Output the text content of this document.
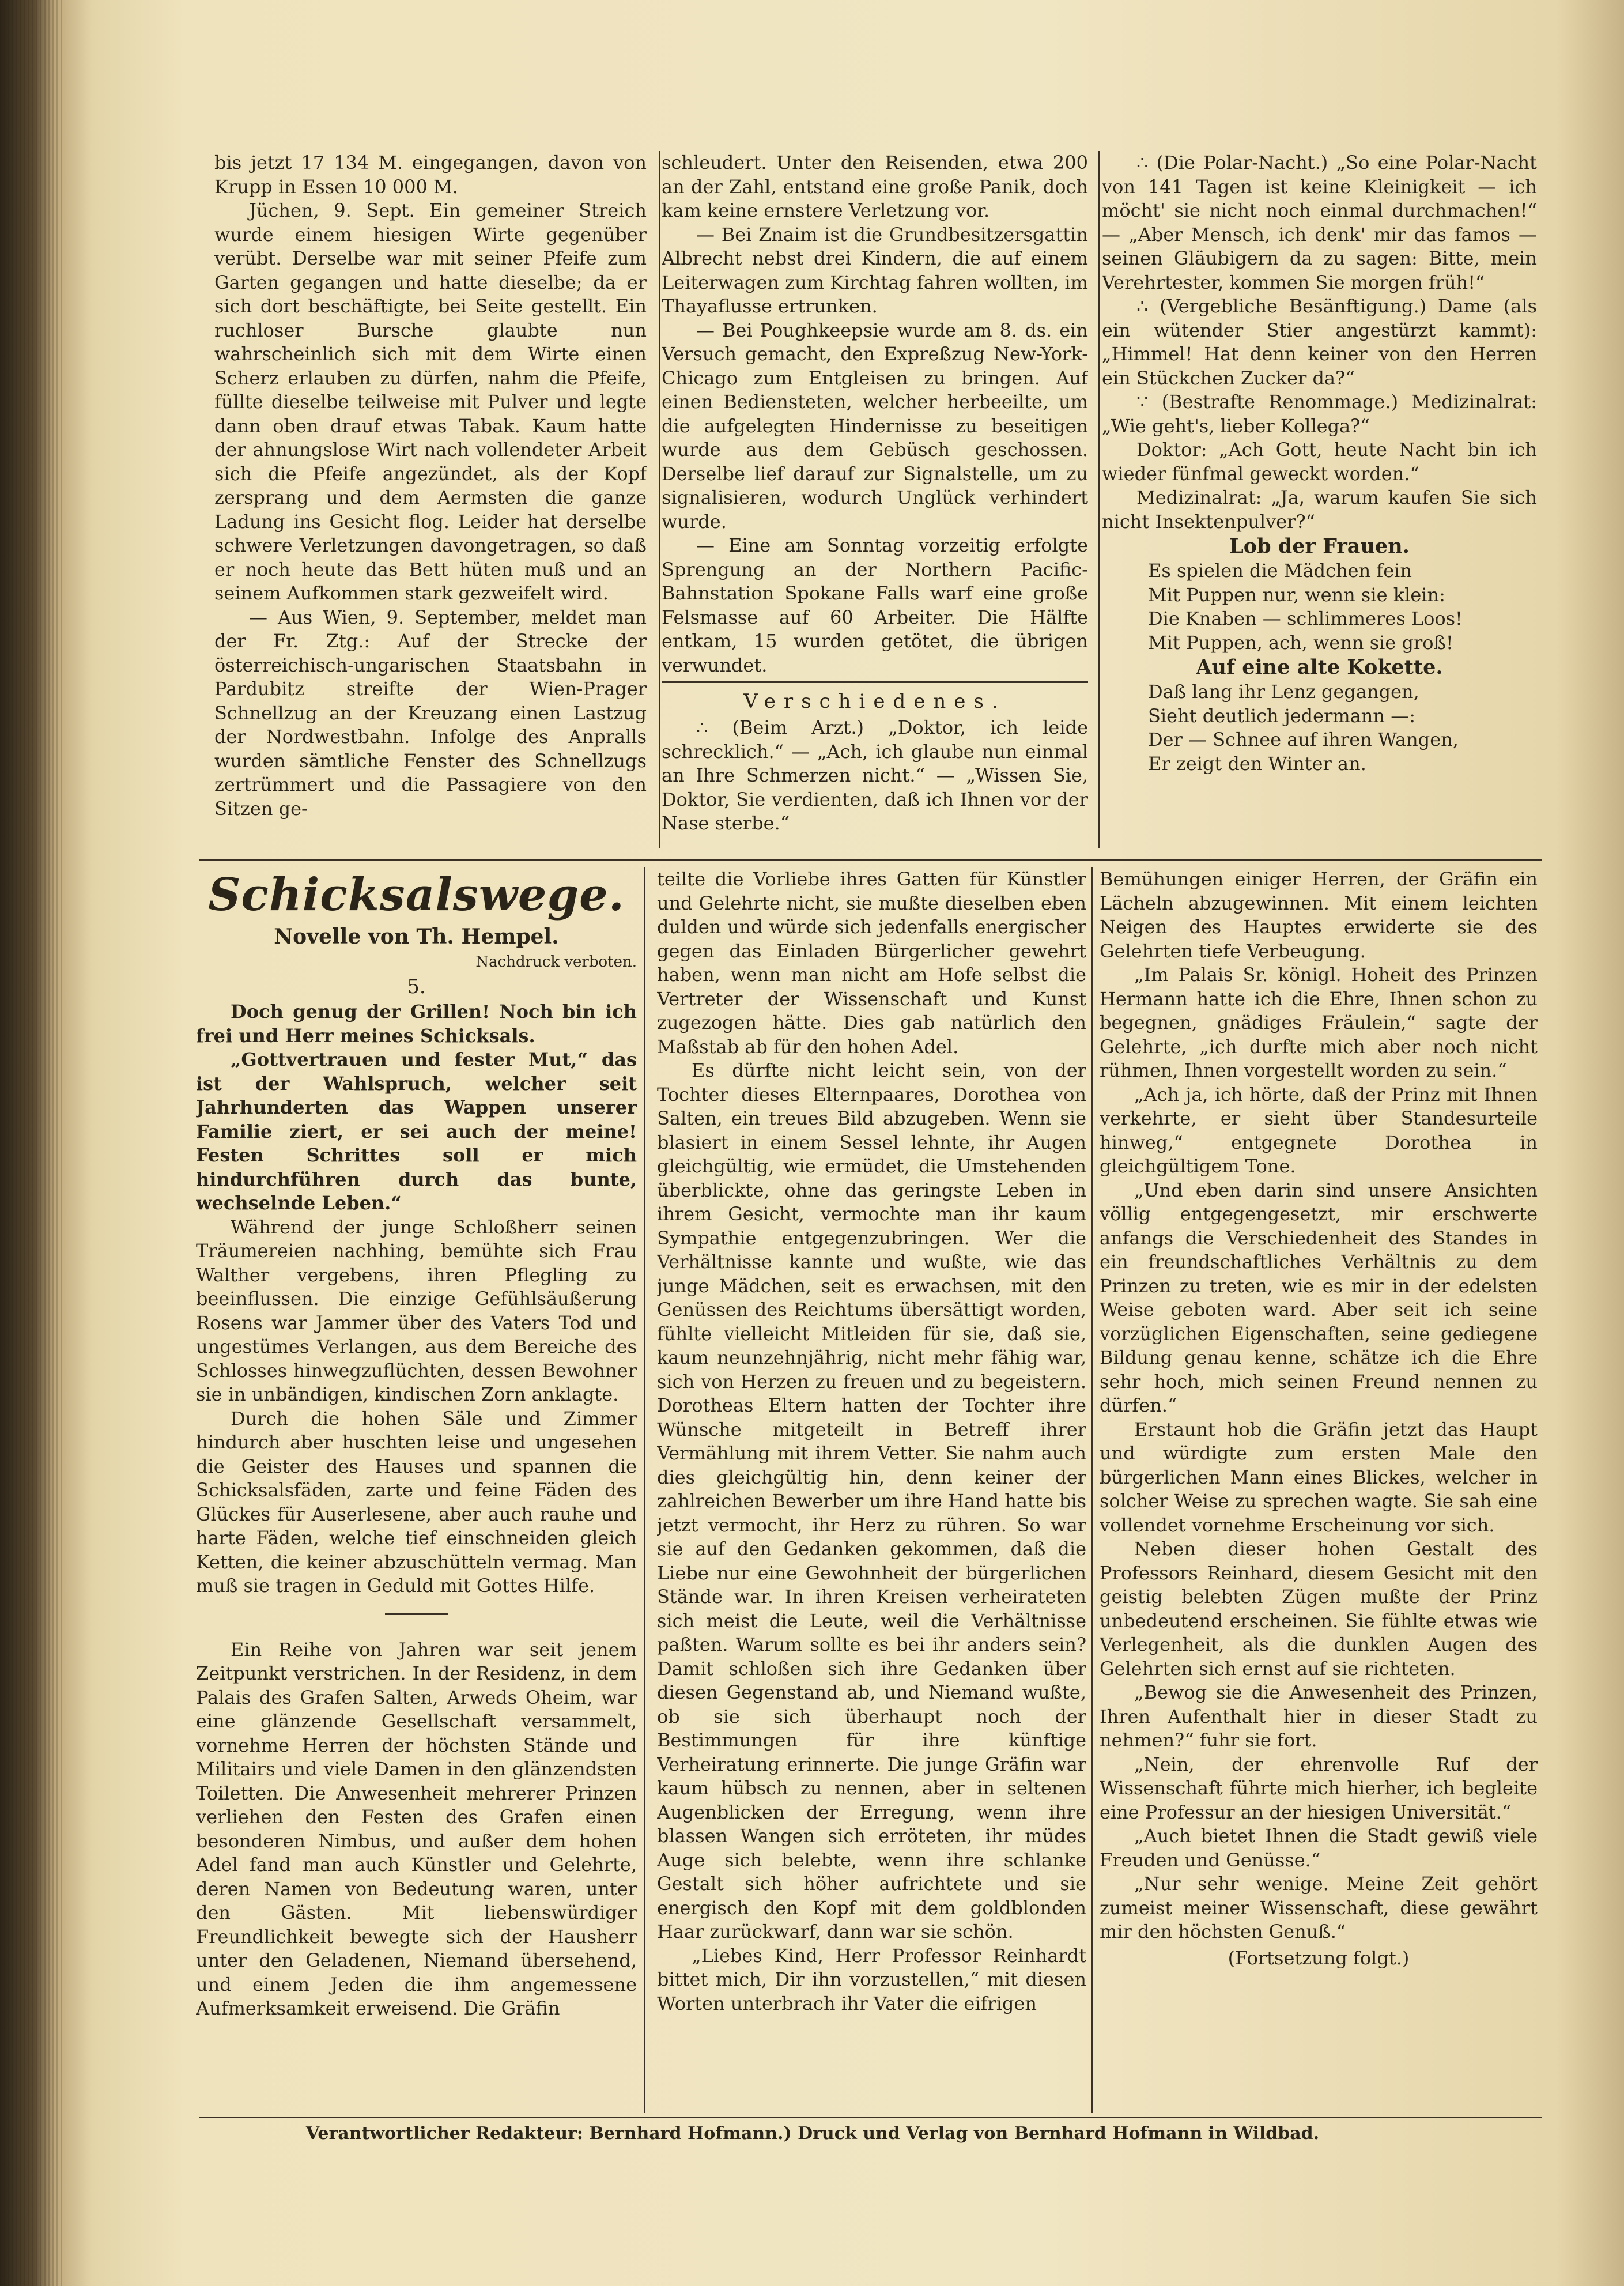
bis jetzt 17 134 M. eingegangen, davon von Krupp in Essen 10 000 M.

Jüchen, 9. Sept. Ein gemeiner Streich wurde einem hiesigen Wirte gegenüber verübt. Derselbe war mit seiner Pfeife zum Garten gegangen und hatte dieselbe; da er sich dort beschäftigte, bei Seite gestellt. Ein ruchloser Bursche glaubte nun wahrscheinlich sich mit dem Wirte einen Scherz erlauben zu dürfen, nahm die Pfeife, füllte dieselbe teilweise mit Pulver und legte dann oben drauf etwas Tabak. Kaum hatte der ahnungslose Wirt nach vollendeter Arbeit sich die Pfeife angezündet, als der Kopf zersprang und dem Aermsten die ganze Ladung ins Gesicht flog. Leider hat derselbe schwere Verletzungen davongetragen, so daß er noch heute das Bett hüten muß und an seinem Aufkommen stark gezweifelt wird.

— Aus Wien, 9. September, meldet man der Fr. Ztg.: Auf der Strecke der österreichisch-ungarischen Staatsbahn in Pardubitz streifte der Wien-Prager Schnellzug an der Kreuzang einen Lastzug der Nordwestbahn. Infolge des Anpralls wurden sämtliche Fenster des Schnellzugs zertrümmert und die Passagiere von den Sitzen ge-

schleudert. Unter den Reisenden, etwa 200 an der Zahl, entstand eine große Panik, doch kam keine ernstere Verletzung vor.

— Bei Znaim ist die Grundbesitzersgattin Albrecht nebst drei Kindern, die auf einem Leiterwagen zum Kirchtag fahren wollten, im Thayaflusse ertrunken.

— Bei Poughkeepsie wurde am 8. ds. ein Versuch gemacht, den Expreßzug New-York-Chicago zum Entgleisen zu bringen. Auf einen Bediensteten, welcher herbeeilte, um die aufgelegten Hindernisse zu beseitigen wurde aus dem Gebüsch geschossen. Derselbe lief darauf zur Signalstelle, um zu signalisieren, wodurch Unglück verhindert wurde.

— Eine am Sonntag vorzeitig erfolgte Sprengung an der Northern Pacific-Bahnstation Spokane Falls warf eine große Felsmasse auf 60 Arbeiter. Die Hälfte entkam, 15 wurden getötet, die übrigen verwundet.

Verschiedenes.

∴ (Beim Arzt.) „Doktor, ich leide schrecklich.“ — „Ach, ich glaube nun einmal an Ihre Schmerzen nicht.“ — „Wissen Sie, Doktor, Sie verdienten, daß ich Ihnen vor der Nase sterbe.“

∴ (Die Polar-Nacht.) „So eine Polar-Nacht von 141 Tagen ist keine Kleinigkeit — ich möcht' sie nicht noch einmal durchmachen!“ — „Aber Mensch, ich denk' mir das famos — seinen Gläubigern da zu sagen: Bitte, mein Verehrtester, kommen Sie morgen früh!“

∴ (Vergebliche Besänftigung.) Dame (als ein wütender Stier angestürzt kammt): „Himmel! Hat denn keiner von den Herren ein Stückchen Zucker da?“

∵ (Bestrafte Renommage.) Medizinalrat: „Wie geht's, lieber Kollega?“

Doktor: „Ach Gott, heute Nacht bin ich wieder fünfmal geweckt worden.“

Medizinalrat: „Ja, warum kaufen Sie sich nicht Insektenpulver?“

Lob der Frauen.
Es spielen die Mädchen fein
Mit Puppen nur, wenn sie klein:
Die Knaben — schlimmeres Loos!
Mit Puppen, ach, wenn sie groß!
Auf eine alte Kokette.
Daß lang ihr Lenz gegangen,
Sieht deutlich jedermann —:
Der — Schnee auf ihren Wangen,
Er zeigt den Winter an.
Schicksalswege.
Novelle von Th. Hempel.
Nachdruck verboten.
5.

Doch genug der Grillen! Noch bin ich frei und Herr meines Schicksals.

„Gottvertrauen und fester Mut,“ das ist der Wahlspruch, welcher seit Jahrhunderten das Wappen unserer Familie ziert, er sei auch der meine! Festen Schrittes soll er mich hindurchführen durch das bunte, wechselnde Leben.“

Während der junge Schloßherr seinen Träumereien nachhing, bemühte sich Frau Walther vergebens, ihren Pflegling zu beeinflussen. Die einzige Gefühlsäußerung Rosens war Jammer über des Vaters Tod und ungestümes Verlangen, aus dem Bereiche des Schlosses hinwegzuflüchten, dessen Bewohner sie in unbändigen, kindischen Zorn anklagte.

Durch die hohen Säle und Zimmer hindurch aber huschten leise und ungesehen die Geister des Hauses und spannen die Schicksalsfäden, zarte und feine Fäden des Glückes für Auserlesene, aber auch rauhe und harte Fäden, welche tief einschneiden gleich Ketten, die keiner abzuschütteln vermag. Man muß sie tragen in Geduld mit Gottes Hilfe.

Ein Reihe von Jahren war seit jenem Zeitpunkt verstrichen. In der Residenz, in dem Palais des Grafen Salten, Arweds Oheim, war eine glänzende Gesellschaft versammelt, vornehme Herren der höchsten Stände und Militairs und viele Damen in den glänzendsten Toiletten. Die Anwesenheit mehrerer Prinzen verliehen den Festen des Grafen einen besonderen Nimbus, und außer dem hohen Adel fand man auch Künstler und Gelehrte, deren Namen von Bedeutung waren, unter den Gästen. Mit liebenswürdiger Freundlichkeit bewegte sich der Hausherr unter den Geladenen, Niemand übersehend, und einem Jeden die ihm angemessene Aufmerksamkeit erweisend. Die Gräfin

teilte die Vorliebe ihres Gatten für Künstler und Gelehrte nicht, sie mußte dieselben eben dulden und würde sich jedenfalls energischer gegen das Einladen Bürgerlicher gewehrt haben, wenn man nicht am Hofe selbst die Vertreter der Wissenschaft und Kunst zugezogen hätte. Dies gab natürlich den Maßstab ab für den hohen Adel.

Es dürfte nicht leicht sein, von der Tochter dieses Elternpaares, Dorothea von Salten, ein treues Bild abzugeben. Wenn sie blasiert in einem Sessel lehnte, ihr Augen gleichgültig, wie ermüdet, die Umstehenden überblickte, ohne das geringste Leben in ihrem Gesicht, vermochte man ihr kaum Sympathie entgegenzubringen. Wer die Verhältnisse kannte und wußte, wie das junge Mädchen, seit es erwachsen, mit den Genüssen des Reichtums übersättigt worden, fühlte vielleicht Mitleiden für sie, daß sie, kaum neunzehnjährig, nicht mehr fähig war, sich von Herzen zu freuen und zu begeistern. Dorotheas Eltern hatten der Tochter ihre Wünsche mitgeteilt in Betreff ihrer Vermählung mit ihrem Vetter. Sie nahm auch dies gleichgültig hin, denn keiner der zahlreichen Bewerber um ihre Hand hatte bis jetzt vermocht, ihr Herz zu rühren. So war sie auf den Gedanken gekommen, daß die Liebe nur eine Gewohnheit der bürgerlichen Stände war. In ihren Kreisen verheirateten sich meist die Leute, weil die Verhältnisse paßten. Warum sollte es bei ihr anders sein? Damit schloßen sich ihre Gedanken über diesen Gegenstand ab, und Niemand wußte, ob sie sich überhaupt noch der Bestimmungen für ihre künftige Verheiratung erinnerte. Die junge Gräfin war kaum hübsch zu nennen, aber in seltenen Augenblicken der Erregung, wenn ihre blassen Wangen sich erröteten, ihr müdes Auge sich belebte, wenn ihre schlanke Gestalt sich höher aufrichtete und sie energisch den Kopf mit dem goldblonden Haar zurückwarf, dann war sie schön.

„Liebes Kind, Herr Professor Reinhardt bittet mich, Dir ihn vorzustellen,“ mit diesen Worten unterbrach ihr Vater die eifrigen

Bemühungen einiger Herren, der Gräfin ein Lächeln abzugewinnen. Mit einem leichten Neigen des Hauptes erwiderte sie des Gelehrten tiefe Verbeugung.

„Im Palais Sr. königl. Hoheit des Prinzen Hermann hatte ich die Ehre, Ihnen schon zu begegnen, gnädiges Fräulein,“ sagte der Gelehrte, „ich durfte mich aber noch nicht rühmen, Ihnen vorgestellt worden zu sein.“

„Ach ja, ich hörte, daß der Prinz mit Ihnen verkehrte, er sieht über Standesurteile hinweg,“ entgegnete Dorothea in gleichgültigem Tone.

„Und eben darin sind unsere Ansichten völlig entgegengesetzt, mir erschwerte anfangs die Verschiedenheit des Standes in ein freundschaftliches Verhältnis zu dem Prinzen zu treten, wie es mir in der edelsten Weise geboten ward. Aber seit ich seine vorzüglichen Eigenschaften, seine gediegene Bildung genau kenne, schätze ich die Ehre sehr hoch, mich seinen Freund nennen zu dürfen.“

Erstaunt hob die Gräfin jetzt das Haupt und würdigte zum ersten Male den bürgerlichen Mann eines Blickes, welcher in solcher Weise zu sprechen wagte. Sie sah eine vollendet vornehme Erscheinung vor sich.

Neben dieser hohen Gestalt des Professors Reinhard, diesem Gesicht mit den geistig belebten Zügen mußte der Prinz unbedeutend erscheinen. Sie fühlte etwas wie Verlegenheit, als die dunklen Augen des Gelehrten sich ernst auf sie richteten.

„Bewog sie die Anwesenheit des Prinzen, Ihren Aufenthalt hier in dieser Stadt zu nehmen?“ fuhr sie fort.

„Nein, der ehrenvolle Ruf der Wissenschaft führte mich hierher, ich begleite eine Professur an der hiesigen Universität.“

„Auch bietet Ihnen die Stadt gewiß viele Freuden und Genüsse.“

„Nur sehr wenige. Meine Zeit gehört zumeist meiner Wissenschaft, diese gewährt mir den höchsten Genuß.“

(Fortsetzung folgt.)
Verantwortlicher Redakteur: Bernhard Hofmann.) Druck und Verlag von Bernhard Hofmann in Wildbad.
